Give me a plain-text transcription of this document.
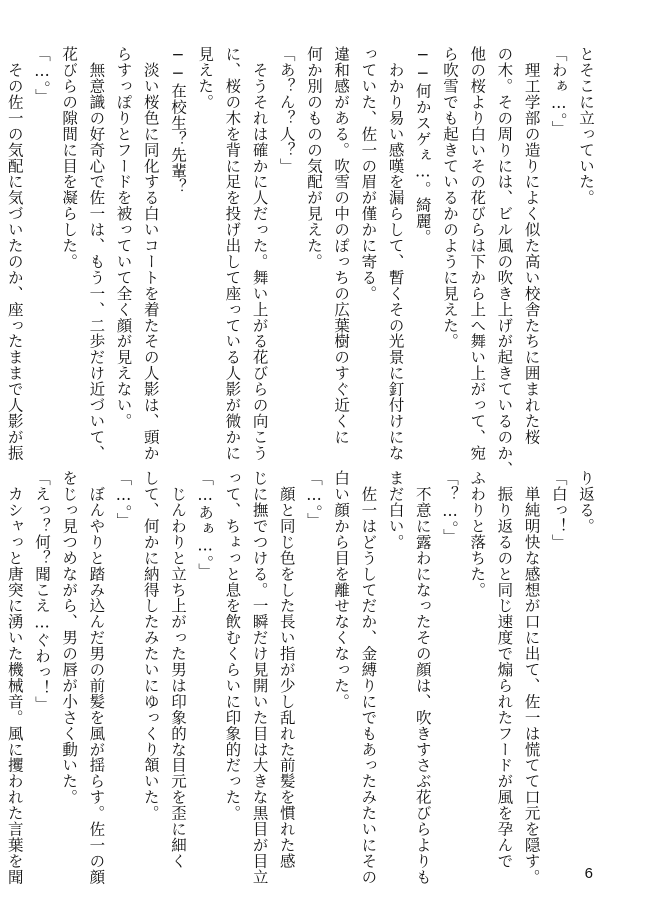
とそこに立っていた。
「わぁ…。」
　理工学部の造りによく似た高い校舎たちに囲まれた桜
の木。その周りには、ビル風の吹き上げが起きているのか、
他の桜より白いその花びらは下から上へ舞い上がって、宛
ら吹雪でも起きているかのように見えた。
──何かスゲぇ…。綺麗。
　わかり易い感嘆を漏らして、暫くその光景に釘付けにな
っていた、佐一の眉が僅かに寄る。
違和感がある。吹雪の中のぽっちの広葉樹のすぐ近くに
何か別のものの気配が見えた。
「あ？ん？人？」
　そうそれは確かに人だった。舞い上がる花びらの向こう
に、桜の木を背に足を投げ出して座っている人影が微かに
見えた。
──在校生？先輩？
　淡い桜色に同化する白いコートを着たその人影は、頭か
らすっぽりとフードを被っていて全く顔が見えない。
　無意識の好奇心で佐一は、もう一、二歩だけ近づいて、
花びらの隙間に目を凝らした。
「…。」
　その佐一の気配に気づいたのか、座ったままで人影が振
り返る。
「白っ！」
　単純明快な感想が口に出て、佐一は慌てて口元を隠す。
　振り返るのと同じ速度で煽られたフードが風を孕んで
ふわりと落ちた。
「？…。」
　不意に露わになったその顔は、吹きすさぶ花びらよりも
まだ白い。
　佐一はどうしてだか、金縛りにでもあったみたいにその
白い顔から目を離せなくなった。
「…。」
　顔と同じ色をした長い指が少し乱れた前髪を慣れた感
じに撫でつける。一瞬だけ見開いた目は大きな黒目が目立
って、ちょっと息を飲むくらいに印象的だった。
「…あぁ…。」
　じんわりと立ち上がった男は印象的な目元を歪に細く
して、何かに納得したみたいにゆっくり頷いた。
「…。」
　ぼんやりと踏み込んだ男の前髪を風が揺らす。佐一の顔
をじっ見つめながら、男の唇が小さく動いた。
「えっ？何？聞こえ…ぐわっ！」
　カシャっと唐突に湧いた機械音。風に攫われた言葉を聞	6
